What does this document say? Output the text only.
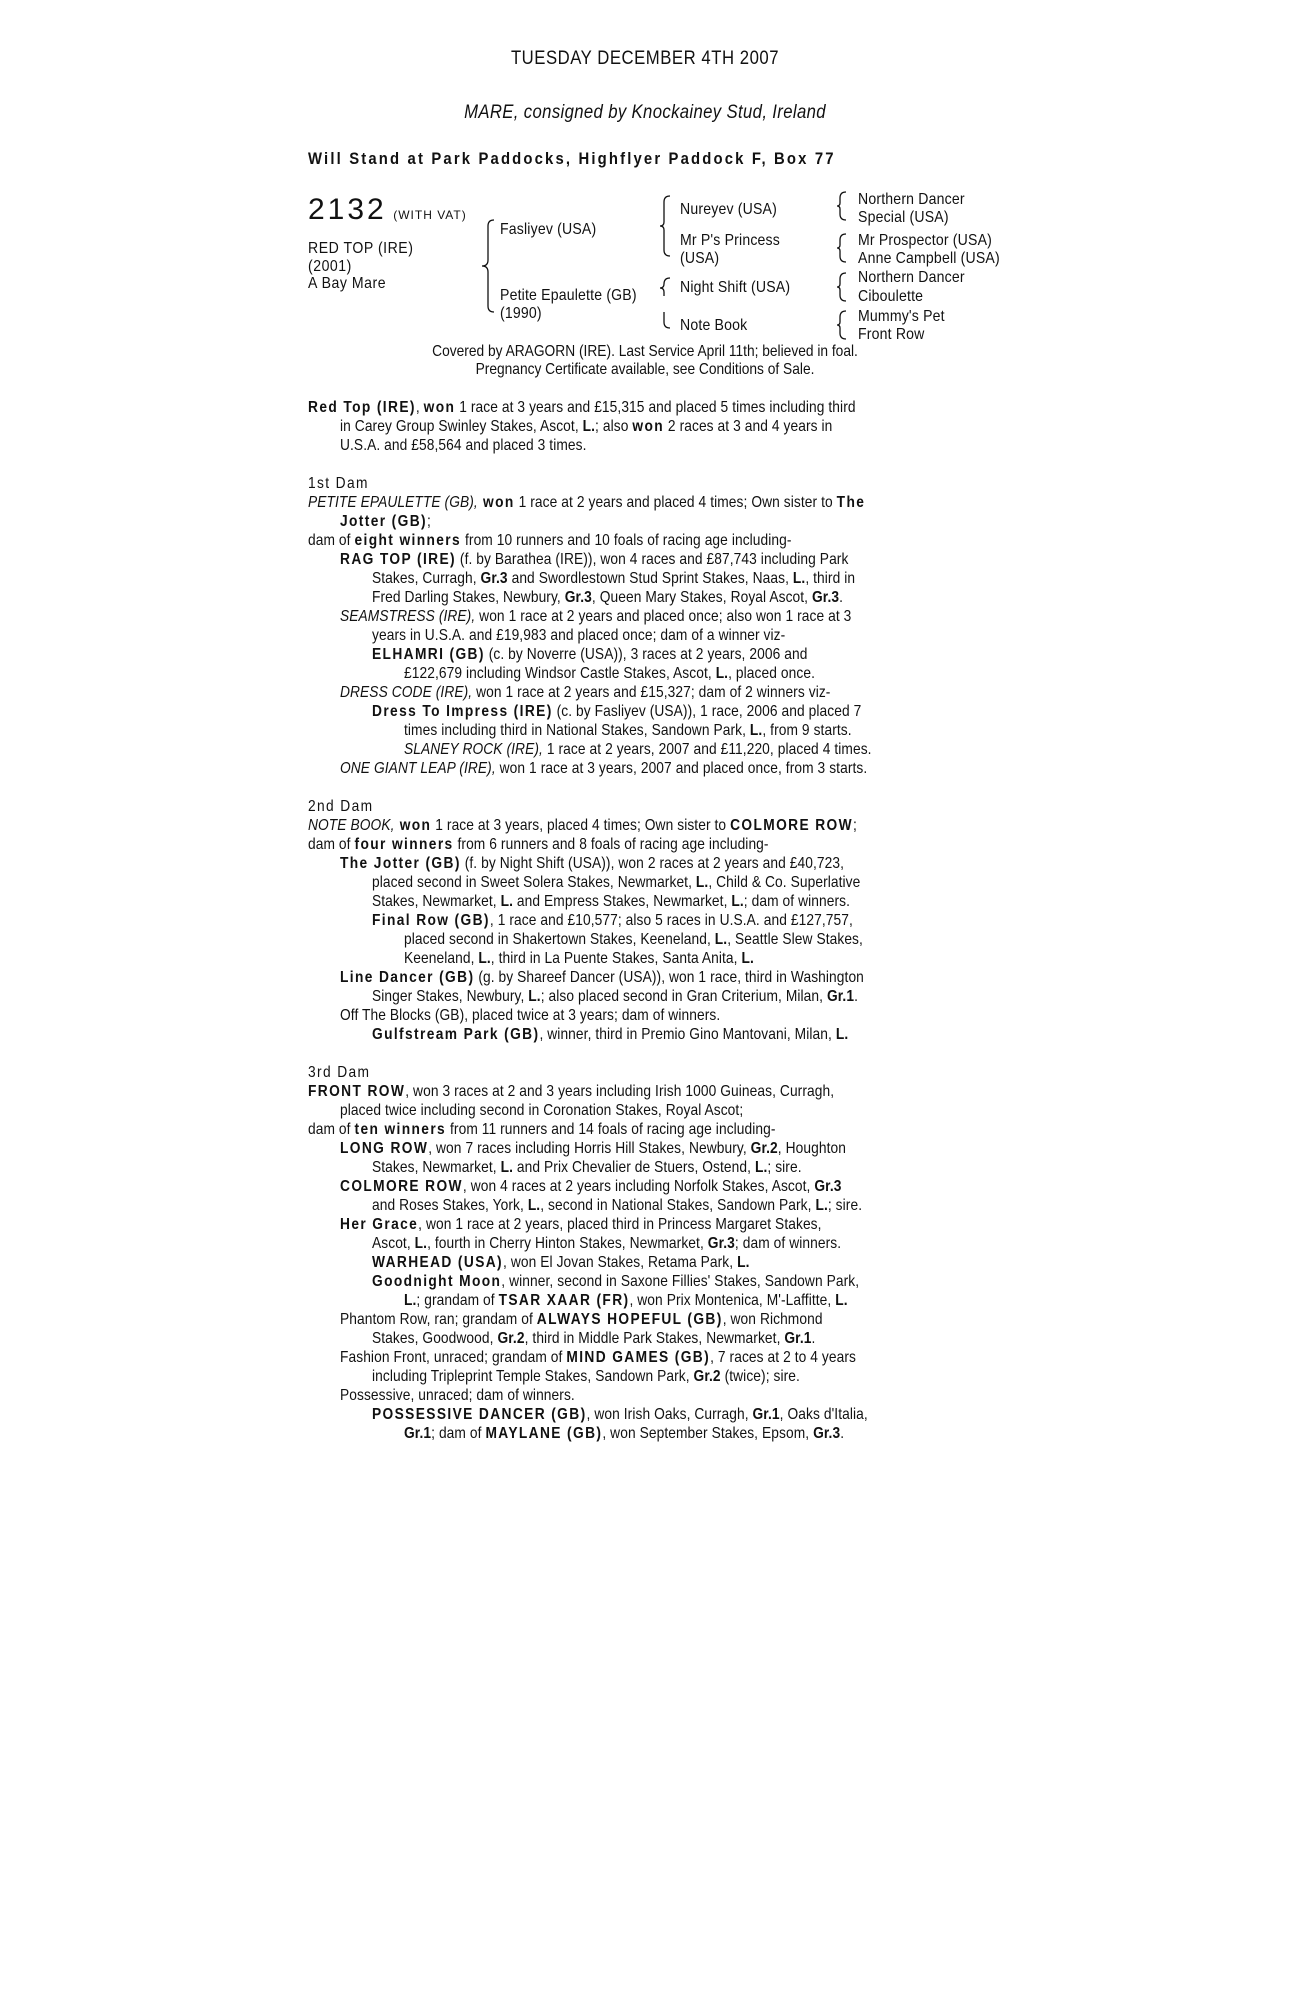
TUESDAY DECEMBER 4TH 2007
MARE, consigned by Knockainey Stud, Ireland
Will Stand at Park Paddocks, Highflyer Paddock F, Box 77
2132 (WITH VAT)
RED TOP (IRE)
(2001)
A Bay Mare
Fasliyev (USA)
Petite Epaulette (GB)
(1990)
Nureyev (USA)
Mr P's Princess
(USA)
Night Shift (USA)
Note Book
Northern Dancer
Special (USA)
Mr Prospector (USA)
Anne Campbell (USA)
Northern Dancer
Ciboulette
Mummy's Pet
Front Row
Covered by ARAGORN (IRE). Last Service April 11th; believed in foal.
Pregnancy Certificate available, see Conditions of Sale.
Red Top (IRE), won 1 race at 3 years and £15,315 and placed 5 times including third
in Carey Group Swinley Stakes, Ascot, L.; also won 2 races at 3 and 4 years in
U.S.A. and £58,564 and placed 3 times.
1st Dam
PETITE EPAULETTE (GB), won 1 race at 2 years and placed 4 times; Own sister to The
Jotter (GB);
dam of eight winners from 10 runners and 10 foals of racing age including-
RAG TOP (IRE) (f. by Barathea (IRE)), won 4 races and £87,743 including Park
Stakes, Curragh, Gr.3 and Swordlestown Stud Sprint Stakes, Naas, L., third in
Fred Darling Stakes, Newbury, Gr.3, Queen Mary Stakes, Royal Ascot, Gr.3.
SEAMSTRESS (IRE), won 1 race at 2 years and placed once; also won 1 race at 3
years in U.S.A. and £19,983 and placed once; dam of a winner viz-
ELHAMRI (GB) (c. by Noverre (USA)), 3 races at 2 years, 2006 and
£122,679 including Windsor Castle Stakes, Ascot, L., placed once.
DRESS CODE (IRE), won 1 race at 2 years and £15,327; dam of 2 winners viz-
Dress To Impress (IRE) (c. by Fasliyev (USA)), 1 race, 2006 and placed 7
times including third in National Stakes, Sandown Park, L., from 9 starts.
SLANEY ROCK (IRE), 1 race at 2 years, 2007 and £11,220, placed 4 times.
ONE GIANT LEAP (IRE), won 1 race at 3 years, 2007 and placed once, from 3 starts.
2nd Dam
NOTE BOOK, won 1 race at 3 years, placed 4 times; Own sister to COLMORE ROW;
dam of four winners from 6 runners and 8 foals of racing age including-
The Jotter (GB) (f. by Night Shift (USA)), won 2 races at 2 years and £40,723,
placed second in Sweet Solera Stakes, Newmarket, L., Child & Co. Superlative
Stakes, Newmarket, L. and Empress Stakes, Newmarket, L.; dam of winners.
Final Row (GB), 1 race and £10,577; also 5 races in U.S.A. and £127,757,
placed second in Shakertown Stakes, Keeneland, L., Seattle Slew Stakes,
Keeneland, L., third in La Puente Stakes, Santa Anita, L.
Line Dancer (GB) (g. by Shareef Dancer (USA)), won 1 race, third in Washington
Singer Stakes, Newbury, L.; also placed second in Gran Criterium, Milan, Gr.1.
Off The Blocks (GB), placed twice at 3 years; dam of winners.
Gulfstream Park (GB), winner, third in Premio Gino Mantovani, Milan, L.
3rd Dam
FRONT ROW, won 3 races at 2 and 3 years including Irish 1000 Guineas, Curragh,
placed twice including second in Coronation Stakes, Royal Ascot;
dam of ten winners from 11 runners and 14 foals of racing age including-
LONG ROW, won 7 races including Horris Hill Stakes, Newbury, Gr.2, Houghton
Stakes, Newmarket, L. and Prix Chevalier de Stuers, Ostend, L.; sire.
COLMORE ROW, won 4 races at 2 years including Norfolk Stakes, Ascot, Gr.3
and Roses Stakes, York, L., second in National Stakes, Sandown Park, L.; sire.
Her Grace, won 1 race at 2 years, placed third in Princess Margaret Stakes,
Ascot, L., fourth in Cherry Hinton Stakes, Newmarket, Gr.3; dam of winners.
WARHEAD (USA), won El Jovan Stakes, Retama Park, L.
Goodnight Moon, winner, second in Saxone Fillies' Stakes, Sandown Park,
L.; grandam of TSAR XAAR (FR), won Prix Montenica, M'-Laffitte, L.
Phantom Row, ran; grandam of ALWAYS HOPEFUL (GB), won Richmond
Stakes, Goodwood, Gr.2, third in Middle Park Stakes, Newmarket, Gr.1.
Fashion Front, unraced; grandam of MIND GAMES (GB), 7 races at 2 to 4 years
including Tripleprint Temple Stakes, Sandown Park, Gr.2 (twice); sire.
Possessive, unraced; dam of winners.
POSSESSIVE DANCER (GB), won Irish Oaks, Curragh, Gr.1, Oaks d'Italia,
Gr.1; dam of MAYLANE (GB), won September Stakes, Epsom, Gr.3.
